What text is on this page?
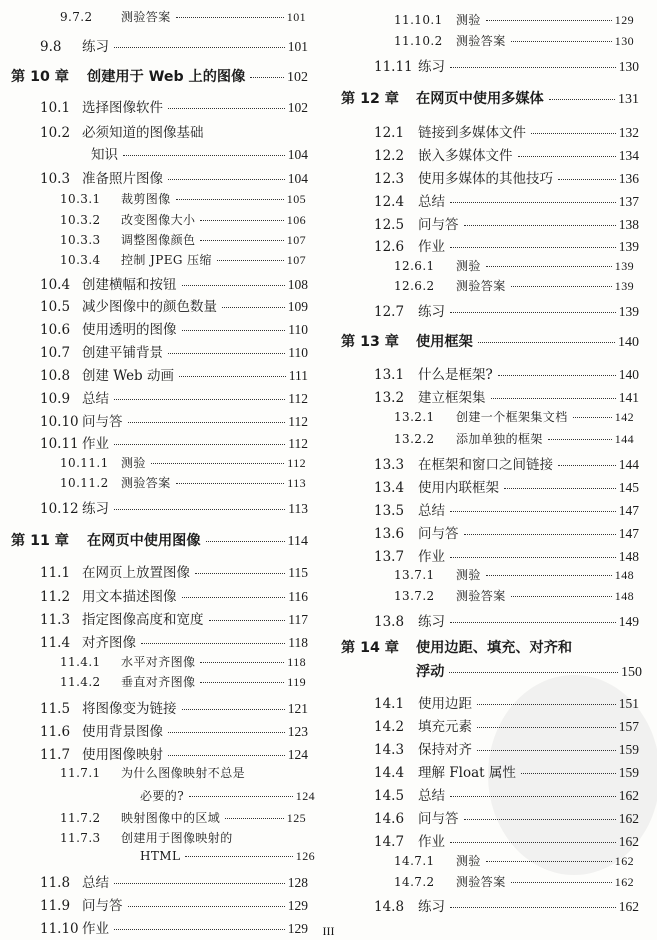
9.7.2	测验答案	101
9.8	练习	101
第 10 章	创建用于 Web 上的图像	102
10.1 选择图像软件	102
10.2 必须知道的图像基础
知识	104
10.3 准备照片图像	104
10.3.1	裁剪图像	105
10.3.2	改变图像大小	106
10.3.3	调整图像颜色	107
10.3.4	控制 JPEG 压缩	107
10.4 创建横幅和按钮	108
10.5 减少图像中的颜色数量	109
10.6 使用透明的图像	110
10.7 创建平铺背景	110
10.8 创建 Web 动画	111
10.9 总结	112
10.10 问与答	112
10.11 作业	112
10.11.1	测验	112
10.11.2	测验答案	113
10.12 练习	113
第 11 章	在网页中使用图像	114
11.1 在网页上放置图像	115
11.2 用文本描述图像	116
11.3 指定图像高度和宽度	117
11.4 对齐图像	118
11.4.1	水平对齐图像	118
11.4.2	垂直对齐图像	119
11.5 将图像变为链接	121
11.6 使用背景图像	123
11.7 使用图像映射	124
11.7.1	为什么图像映射不总是
必要的?	124
11.7.2	映射图像中的区域	125
11.7.3	创建用于图像映射的
HTML	126
11.8 总结	128
11.9 问与答	129
11.10 作业	129
11.10.1	测验	129
11.10.2	测验答案	130
11.11 练习	130
第 12 章	在网页中使用多媒体	131
12.1	链接到多媒体文件	132
12.2	嵌入多媒体文件	134
12.3	使用多媒体的其他技巧	136
12.4	总结	137
12.5	问与答	138
12.6	作业	139
12.6.1	测验	139
12.6.2	测验答案	139
12.7	练习	139
第 13 章	使用框架	140
13.1	什么是框架?	140
13.2	建立框架集	141
13.2.1	创建一个框架集文档	142
13.2.2	添加单独的框架	144
13.3	在框架和窗口之间链接	144
13.4	使用内联框架	145
13.5	总结	147
13.6	问与答	147
13.7	作业	148
13.7.1	测验	148
13.7.2	测验答案	148
13.8	练习	149
第 14 章	使用边距、填充、对齐和
浮动	150
14.1	使用边距	151
14.2	填充元素	157
14.3	保持对齐	159
14.4	理解 Float 属性	159
14.5	总结	162
14.6	问与答	162
14.7	作业	162
14.7.1	测验	162
14.7.2	测验答案	162
14.8	练习	162
III
